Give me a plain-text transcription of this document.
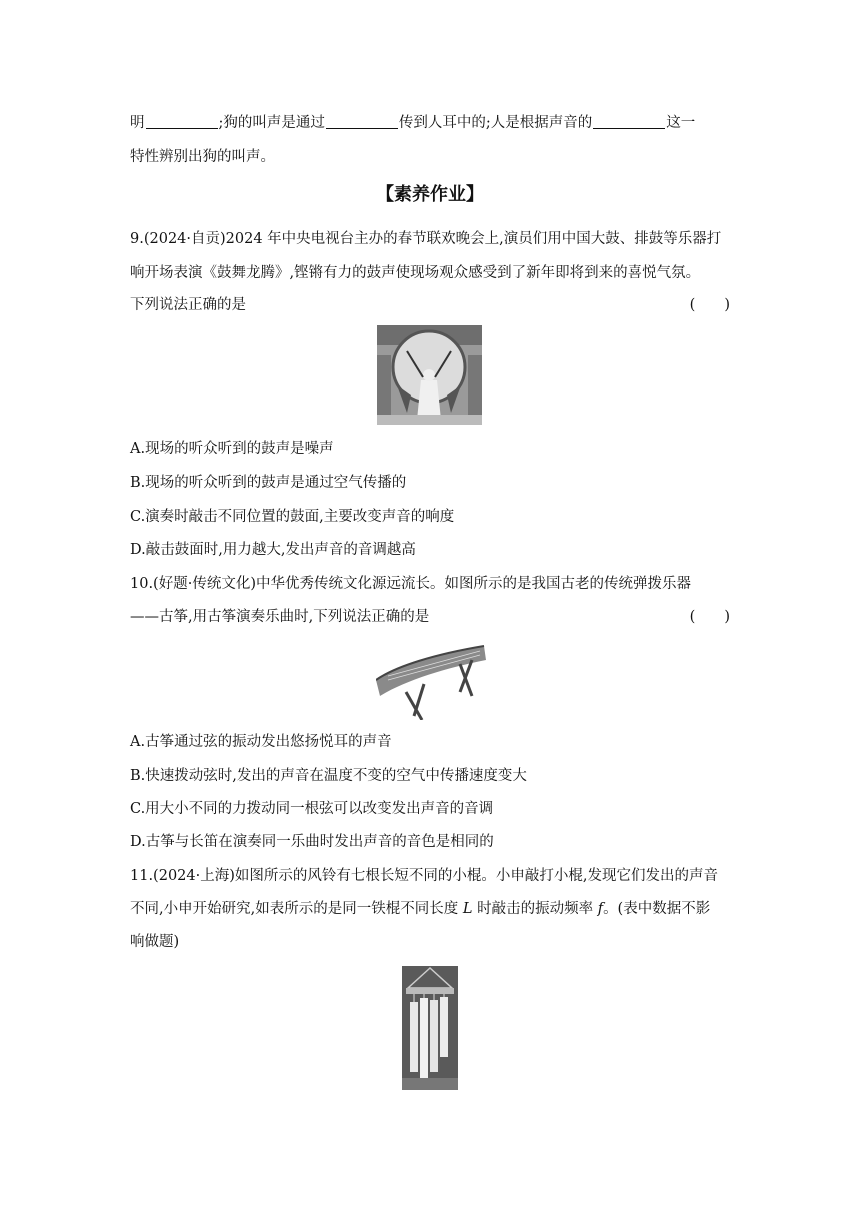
明	;狗的叫声是通过	传到人耳中的;人是根据声音的	这一
特性辨别出狗的叫声。
【素养作业】
9.(2024·自贡)2024 年中央电视台主办的春节联欢晚会上,演员们用中国大鼓、排鼓等乐器打
响开场表演《鼓舞龙腾》,铿锵有力的鼓声使现场观众感受到了新年即将到来的喜悦气氛。
下列说法正确的是	(　　)
A.现场的听众听到的鼓声是噪声
B.现场的听众听到的鼓声是通过空气传播的
C.演奏时敲击不同位置的鼓面,主要改变声音的响度
D.敲击鼓面时,用力越大,发出声音的音调越高
10.(好题·传统文化)中华优秀传统文化源远流长。如图所示的是我国古老的传统弹拨乐器
——古筝,用古筝演奏乐曲时,下列说法正确的是	(　　)
A.古筝通过弦的振动发出悠扬悦耳的声音
B.快速拨动弦时,发出的声音在温度不变的空气中传播速度变大
C.用大小不同的力拨动同一根弦可以改变发出声音的音调
D.古筝与长笛在演奏同一乐曲时发出声音的音色是相同的
11.(2024·上海)如图所示的风铃有七根长短不同的小棍。小申敲打小棍,发现它们发出的声音
不同,小申开始研究,如表所示的是同一铁棍不同长度 L 时敲击的振动频率 f。(表中数据不影
响做题)
